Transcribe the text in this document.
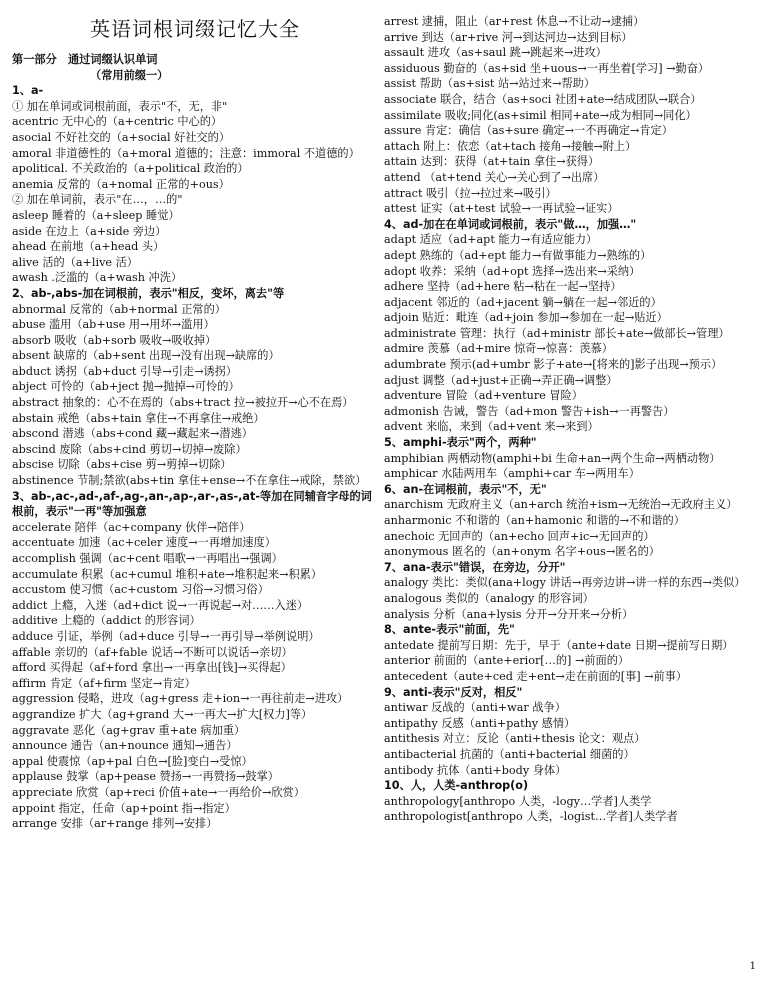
英语词根词缀记忆大全
第一部分　通过词缀认识单词
（常用前缀一）
1、a-
① 加在单词或词根前面，表示"不，无，非"
acentric 无中心的（a+centric 中心的）
asocial 不好社交的（a+social 好社交的）
amoral 非道德性的（a+moral 道德的；注意：immoral 不道德的）
apolitical. 不关政治的（a+political 政治的）
anemia 反常的（a+nomal 正常的+ous）
② 加在单词前，表示"在…，…的"
asleep 睡着的（a+sleep 睡觉）
aside 在边上（a+side 旁边）
ahead 在前地（a+head 头）
alive 活的（a+live 活）
awash .泛滥的（a+wash 冲洗）
2、ab-,abs-加在词根前，表示"相反，变坏，离去"等
abnormal 反常的（ab+normal 正常的）
abuse 滥用（ab+use 用→用坏→滥用）
absorb 吸收（ab+sorb 吸收→吸收掉）
absent 缺席的（ab+sent 出现→没有出现→缺席的）
abduct 诱拐（ab+duct 引导→引走→诱拐）
abject 可怜的（ab+ject 抛→抛掉→可怜的）
abstract 抽象的：心不在焉的（abs+tract 拉→被拉开→心不在焉）
abstain 戒绝（abs+tain 拿住→不再拿住→戒绝）
abscond 潜逃（abs+cond 藏→藏起来→潜逃）
abscind 废除（abs+cind 剪切→切掉→废除）
abscise 切除（abs+cise 剪→剪掉→切除）
abstinence 节制;禁欲(abs+tin 拿住+ense→不在拿住→戒除，禁欲）
3、ab-,ac-,ad-,af-,ag-,an-,ap-,ar-,as-,at-等加在同辅音字母的词根前，表示"一再"等加强意
accelerate 陪伴（ac+company 伙伴→陪伴）
accentuate 加速（ac+celer 速度→一再增加速度）
accomplish 强调（ac+cent 唱歌→一再唱出→强调）
accumulate 积累（ac+cumul 堆积+ate→堆积起来→积累）
accustom 使习惯（ac+custom 习俗→习惯习俗）
addict 上瘾，入迷（ad+dict 说→一再说起→对……入迷）
additive 上瘾的（addict 的形容词）
adduce 引证，举例（ad+duce 引导→一再引导→举例说明）
affable 亲切的（af+fable 说话→不断可以说话→亲切）
afford 买得起（af+ford 拿出→一再拿出[钱]→买得起）
affirm 肯定（af+firm 坚定→肯定）
aggression 侵略，进攻（ag+gress 走+ion→一再往前走→进攻）
aggrandize 扩大（ag+grand 大→一再大→扩大[权力]等）
aggravate 恶化（ag+grav 重+ate 病加重）
announce 通告（an+nounce 通知→通告）
appal 使震惊（ap+pal 白色→[脸]变白→受惊）
applause 鼓掌（ap+pease 赞扬→一再赞扬→鼓掌）
appreciate 欣赏（ap+reci 价值+ate→一再给价→欣赏）
appoint 指定，任命（ap+point 指→指定）
arrange 安排（ar+range 排列→安排）
arrest 逮捕，阻止（ar+rest 休息→不让动→逮捕）
arrive 到达（ar+rive 河→到达河边→达到目标）
assault 进攻（as+saul 跳→跳起来→进攻）
assiduous 勤奋的（as+sid 坐+uous→一再坐着[学习] →勤奋）
assist 帮助（as+sist 站→站过来→帮助）
associate 联合，结合（as+soci 社团+ate→结成团队→联合）
assimilate 吸收;同化(as+simil 相同+ate→成为相同→同化）
assure 肯定：确信（as+sure 确定→一不再确定→肯定）
attach 附上：依恋（at+tach 接角→接触→附上）
attain 达到：获得（at+tain 拿住→获得）
attend （at+tend 关心→关心到了→出席）
attract 吸引（拉→拉过来→吸引）
attest 证实（at+test 试验→一再试验→证实）
4、ad-加在在单词或词根前，表示"做…，加强…"
adapt 适应（ad+apt 能力→有适应能力）
adept 熟练的（ad+ept 能力→有做事能力→熟练的）
adopt 收养：采纳（ad+opt 选择→选出来→采纳）
adhere 坚持（ad+here 粘→粘在一起→坚持）
adjacent 邻近的（ad+jacent 躺→躺在一起→邻近的）
adjoin 贴近：毗连（ad+join 参加→参加在一起→贴近）
administrate 管理：执行（ad+ministr 部长+ate→做部长→管理）
admire 羡慕（ad+mire 惊奇→惊喜：羡慕）
adumbrate 预示(ad+umbr 影子+ate→[将来的]影子出现→预示）
adjust 调整（ad+just+正确→弄正确→调整）
adventure 冒险（ad+venture 冒险）
admonish 告诫，警告（ad+mon 警告+ish→一再警告）
advent 来临，来到（ad+vent 来→来到）
5、amphi-表示"两个，两种"
amphibian 两栖动物(amphi+bi 生命+an→两个生命→两栖动物）
amphicar 水陆两用车（amphi+car 车→两用车）
6、an-在词根前，表示"不，无"
anarchism 无政府主义（an+arch 统治+ism→无统治→无政府主义）
anharmonic 不和谐的（an+hamonic 和谐的→不和谐的）
anechoic 无回声的（an+echo 回声+ic→无回声的）
anonymous 匿名的（an+onym 名字+ous→匿名的）
7、ana-表示"错误，在旁边，分开"
analogy 类比：类似(ana+logy 讲话→再旁边讲→讲一样的东西→类似）
analogous 类似的（analogy 的形容词）
analysis 分析（ana+lysis 分开→分开来→分析）
8、ante-表示"前面，先"
antedate 提前写日期：先于，早于（ante+date 日期→提前写日期）
anterior 前面的（ante+erior[…的] →前面的）
antecedent（aute+ced 走+ent→走在前面的[事] →前事）
9、anti-表示"反对，相反"
antiwar 反战的（anti+war 战争）
antipathy 反感（anti+pathy 感情）
antithesis 对立：反论（anti+thesis 论文：观点）
antibacterial 抗菌的（anti+bacterial 细菌的）
antibody 抗体（anti+body 身体）
10、人，人类-anthrop(o)
anthropology[anthropo 人类，-logy…学者]人类学
anthropologist[anthropo 人类，-logist…学者]人类学者
1
